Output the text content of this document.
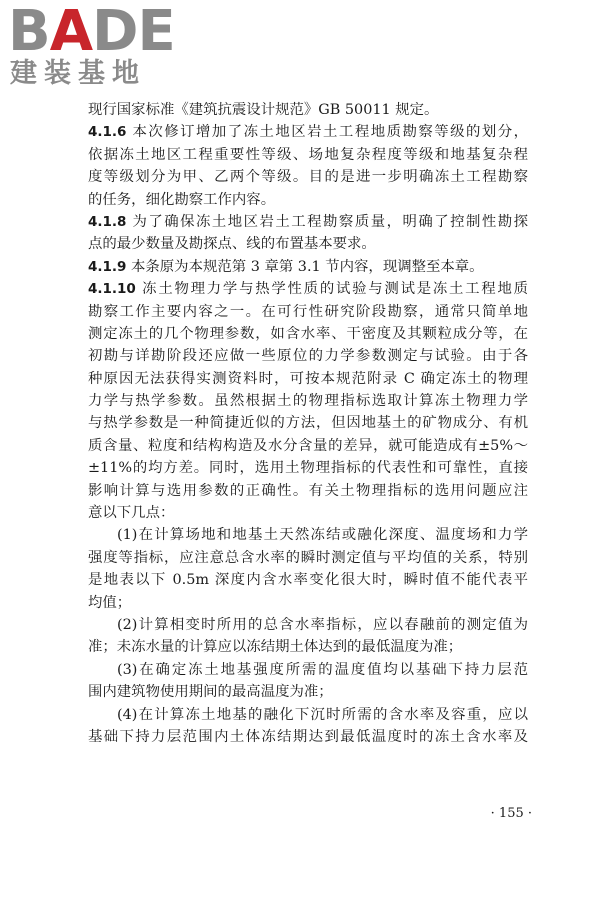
BADE
建装基地
现行国家标准《建筑抗震设计规范》GB 50011 规定。
4.1.6 本次修订增加了冻土地区岩土工程地质勘察等级的划分，
依据冻土地区工程重要性等级、场地复杂程度等级和地基复杂程
度等级划分为甲、乙两个等级。目的是进一步明确冻土工程勘察
的任务，细化勘察工作内容。
4.1.8 为了确保冻土地区岩土工程勘察质量，明确了控制性勘探
点的最少数量及勘探点、线的布置基本要求。
4.1.9 本条原为本规范第 3 章第 3.1 节内容，现调整至本章。
4.1.10 冻土物理力学与热学性质的试验与测试是冻土工程地质
勘察工作主要内容之一。在可行性研究阶段勘察，通常只简单地
测定冻土的几个物理参数，如含水率、干密度及其颗粒成分等，在
初勘与详勘阶段还应做一些原位的力学参数测定与试验。由于各
种原因无法获得实测资料时，可按本规范附录 C 确定冻土的物理
力学与热学参数。虽然根据土的物理指标选取计算冻土物理力学
与热学参数是一种简捷近似的方法，但因地基土的矿物成分、有机
质含量、粒度和结构构造及水分含量的差异，就可能造成有±5%～
±11%的均方差。同时，选用土物理指标的代表性和可靠性，直接
影响计算与选用参数的正确性。有关土物理指标的选用问题应注
意以下几点：
(1)在计算场地和地基土天然冻结或融化深度、温度场和力学
强度等指标，应注意总含水率的瞬时测定值与平均值的关系，特别
是地表以下 0.5m 深度内含水率变化很大时，瞬时值不能代表平
均值；
(2)计算相变时所用的总含水率指标，应以春融前的测定值为
准；未冻水量的计算应以冻结期土体达到的最低温度为准；
(3)在确定冻土地基强度所需的温度值均以基础下持力层范
围内建筑物使用期间的最高温度为准；
(4)在计算冻土地基的融化下沉时所需的含水率及容重，应以
基础下持力层范围内土体冻结期达到最低温度时的冻土含水率及
· 155 ·
